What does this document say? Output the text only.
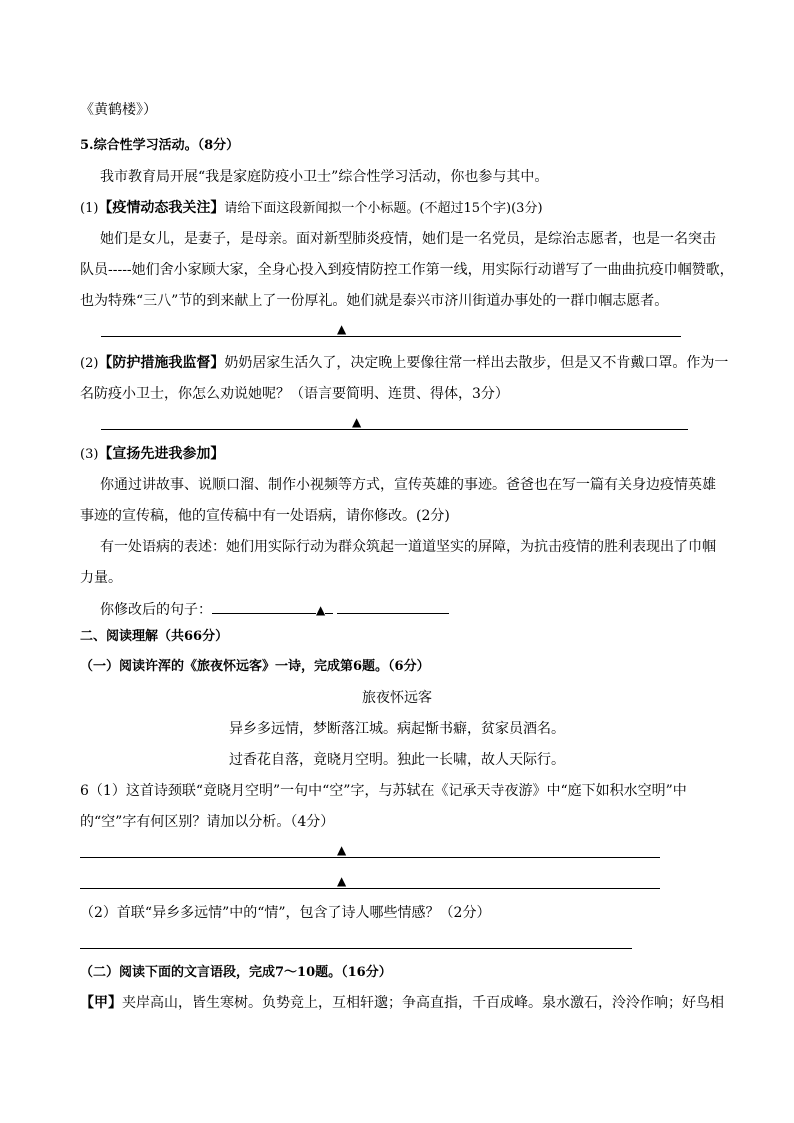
《黄鹤楼》）
5.综合性学习活动。（8分）
我市教育局开展“我是家庭防疫小卫士”综合性学习活动，你也参与其中。
(1)【疫情动态我关注】请给下面这段新闻拟一个小标题。(不超过15个字)(3分)
她们是女儿，是妻子，是母亲。面对新型肺炎疫情，她们是一名党员，是综治志愿者，也是一名突击
队员-----她们舍小家顾大家，全身心投入到疫情防控工作第一线，用实际行动谱写了一曲曲抗疫巾帼赞歌，
也为特殊“三八”节的到来献上了一份厚礼。她们就是泰兴市济川街道办事处的一群巾帼志愿者。
▲
(2)【防护措施我监督】奶奶居家生活久了，决定晚上要像往常一样出去散步，但是又不肯戴口罩。作为一
名防疫小卫士，你怎么劝说她呢？（语言要简明、连贯、得体，3分）
▲
(3)【宣扬先进我参加】
你通过讲故事、说顺口溜、制作小视频等方式，宣传英雄的事迹。爸爸也在写一篇有关身边疫情英雄
事迹的宣传稿，他的宣传稿中有一处语病，请你修改。(2分)
有一处语病的表述：她们用实际行动为群众筑起一道道坚实的屏障，为抗击疫情的胜利表现出了巾帼
力量。
你修改后的句子：	▲
二、阅读理解（共66分）
（一）阅读许浑的《旅夜怀远客》一诗，完成第6题。（6分）
旅夜怀远客
异乡多远情，梦断落江城。病起惭书癖，贫家员酒名。
过香花自落，竟晓月空明。独此一长啸，故人天际行。
6（1）这首诗颈联“竟晓月空明”一句中“空”字，与苏轼在《记承天寺夜游》中“庭下如积水空明”中
的“空”字有何区别？请加以分析。（4分）
▲
▲
（2）首联“异乡多远情”中的“情”，包含了诗人哪些情感？（2分）
（二）阅读下面的文言语段，完成7～10题。（16分）
【甲】夹岸高山，皆生寒树。负势竞上，互相轩邈；争高直指，千百成峰。泉水激石，泠泠作响；好鸟相
